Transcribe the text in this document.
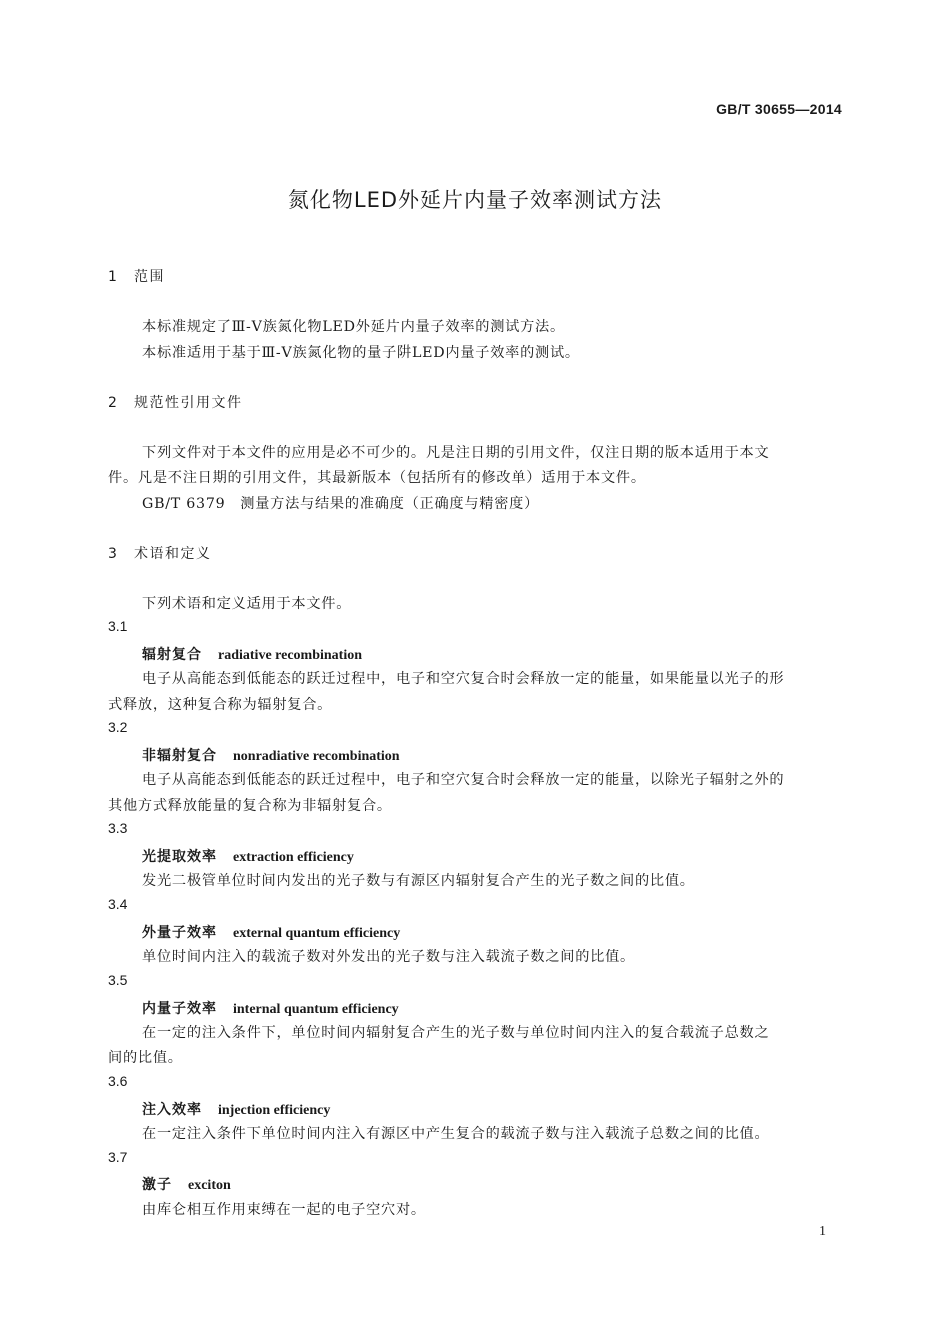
GB/T 30655—2014
氮化物LED外延片内量子效率测试方法
1 范围
本标准规定了Ⅲ-Ⅴ族氮化物LED外延片内量子效率的测试方法。
本标准适用于基于Ⅲ-Ⅴ族氮化物的量子阱LED内量子效率的测试。
2 规范性引用文件
下列文件对于本文件的应用是必不可少的。凡是注日期的引用文件，仅注日期的版本适用于本文
件。凡是不注日期的引用文件，其最新版本（包括所有的修改单）适用于本文件。
GB/T 6379　测量方法与结果的准确度（正确度与精密度）
3 术语和定义
下列术语和定义适用于本文件。
3.1
辐射复合 radiative recombination
电子从高能态到低能态的跃迁过程中，电子和空穴复合时会释放一定的能量，如果能量以光子的形
式释放，这种复合称为辐射复合。
3.2
非辐射复合 nonradiative recombination
电子从高能态到低能态的跃迁过程中，电子和空穴复合时会释放一定的能量，以除光子辐射之外的
其他方式释放能量的复合称为非辐射复合。
3.3
光提取效率 extraction efficiency
发光二极管单位时间内发出的光子数与有源区内辐射复合产生的光子数之间的比值。
3.4
外量子效率 external quantum efficiency
单位时间内注入的载流子数对外发出的光子数与注入载流子数之间的比值。
3.5
内量子效率 internal quantum efficiency
在一定的注入条件下，单位时间内辐射复合产生的光子数与单位时间内注入的复合载流子总数之
间的比值。
3.6
注入效率 injection efficiency
在一定注入条件下单位时间内注入有源区中产生复合的载流子数与注入载流子总数之间的比值。
3.7
激子 exciton
由库仑相互作用束缚在一起的电子空穴对。
1
